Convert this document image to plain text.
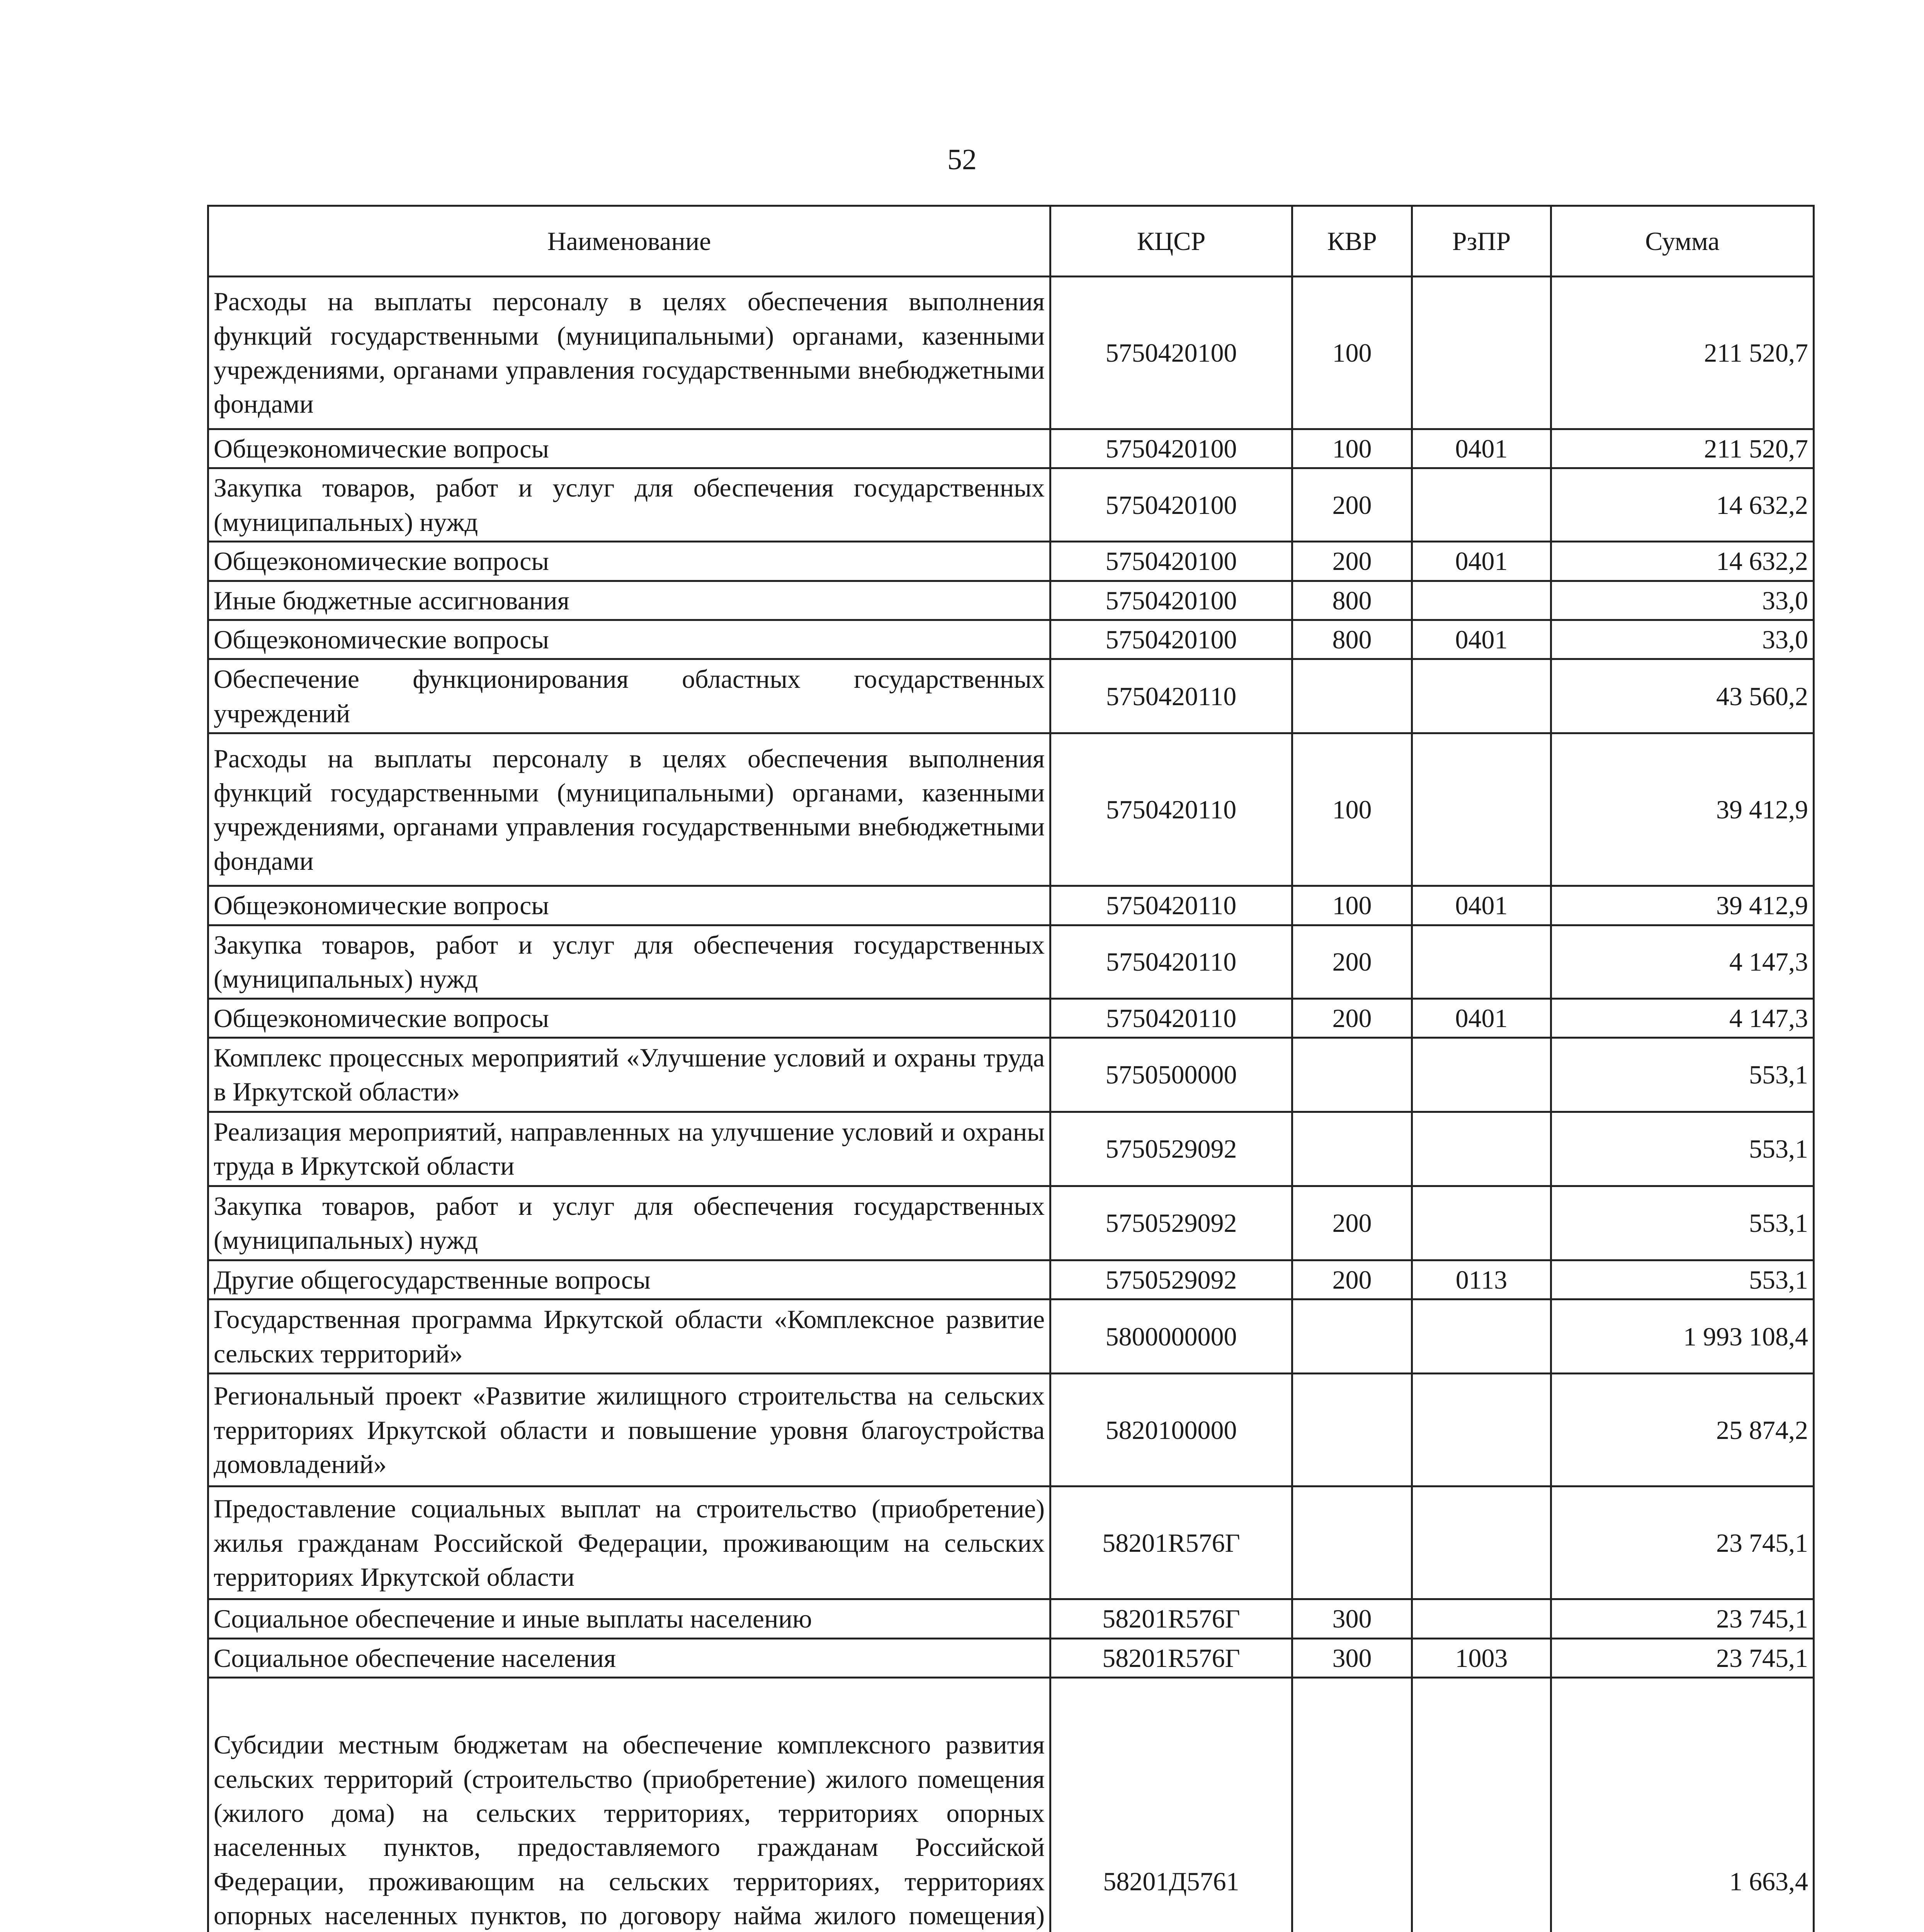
52
Наименование	КЦСР	КВР	РзПР	Сумма
Расходы на выплаты персоналу в целях обеспечения выполнения функций государственными (муниципальными) органами, казенными учреждениями, органами управления государственными внебюджетными фондами	5750420100	100		211 520,7
Общеэкономические вопросы	5750420100	100	0401	211 520,7
Закупка товаров, работ и услуг для обеспечения государственных (муниципальных) нужд	5750420100	200		14 632,2
Общеэкономические вопросы	5750420100	200	0401	14 632,2
Иные бюджетные ассигнования	5750420100	800		33,0
Общеэкономические вопросы	5750420100	800	0401	33,0
Обеспечение функционирования областных государственных учреждений	5750420110			43 560,2
Расходы на выплаты персоналу в целях обеспечения выполнения функций государственными (муниципальными) органами, казенными учреждениями, органами управления государственными внебюджетными фондами	5750420110	100		39 412,9
Общеэкономические вопросы	5750420110	100	0401	39 412,9
Закупка товаров, работ и услуг для обеспечения государственных (муниципальных) нужд	5750420110	200		4 147,3
Общеэкономические вопросы	5750420110	200	0401	4 147,3
Комплекс процессных мероприятий «Улучшение условий и охраны труда в Иркутской области»	5750500000			553,1
Реализация мероприятий, направленных на улучшение условий и охраны труда в Иркутской области	5750529092			553,1
Закупка товаров, работ и услуг для обеспечения государственных (муниципальных) нужд	5750529092	200		553,1
Другие общегосударственные вопросы	5750529092	200	0113	553,1
Государственная программа Иркутской области «Комплексное развитие сельских территорий»	5800000000			1 993 108,4
Региональный проект «Развитие жилищного строительства на сельских территориях Иркутской области и повышение уровня благоустройства домовладений»	5820100000			25 874,2
Предоставление социальных выплат на строительство (приобретение) жилья гражданам Российской Федерации, проживающим на сельских территориях Иркутской области	58201R576Г			23 745,1
Социальное обеспечение и иные выплаты населению	58201R576Г	300		23 745,1
Социальное обеспечение населения	58201R576Г	300	1003	23 745,1
Субсидии местным бюджетам на обеспечение комплексного развития сельских территорий (строительство (приобретение) жилого помещения (жилого дома) на сельских территориях, территориях опорных населенных пунктов, предоставляемого гражданам Российской Федерации, проживающим на сельских территориях, территориях опорных населенных пунктов, по договору найма жилого помещения)	58201Д5761			1 663,4
